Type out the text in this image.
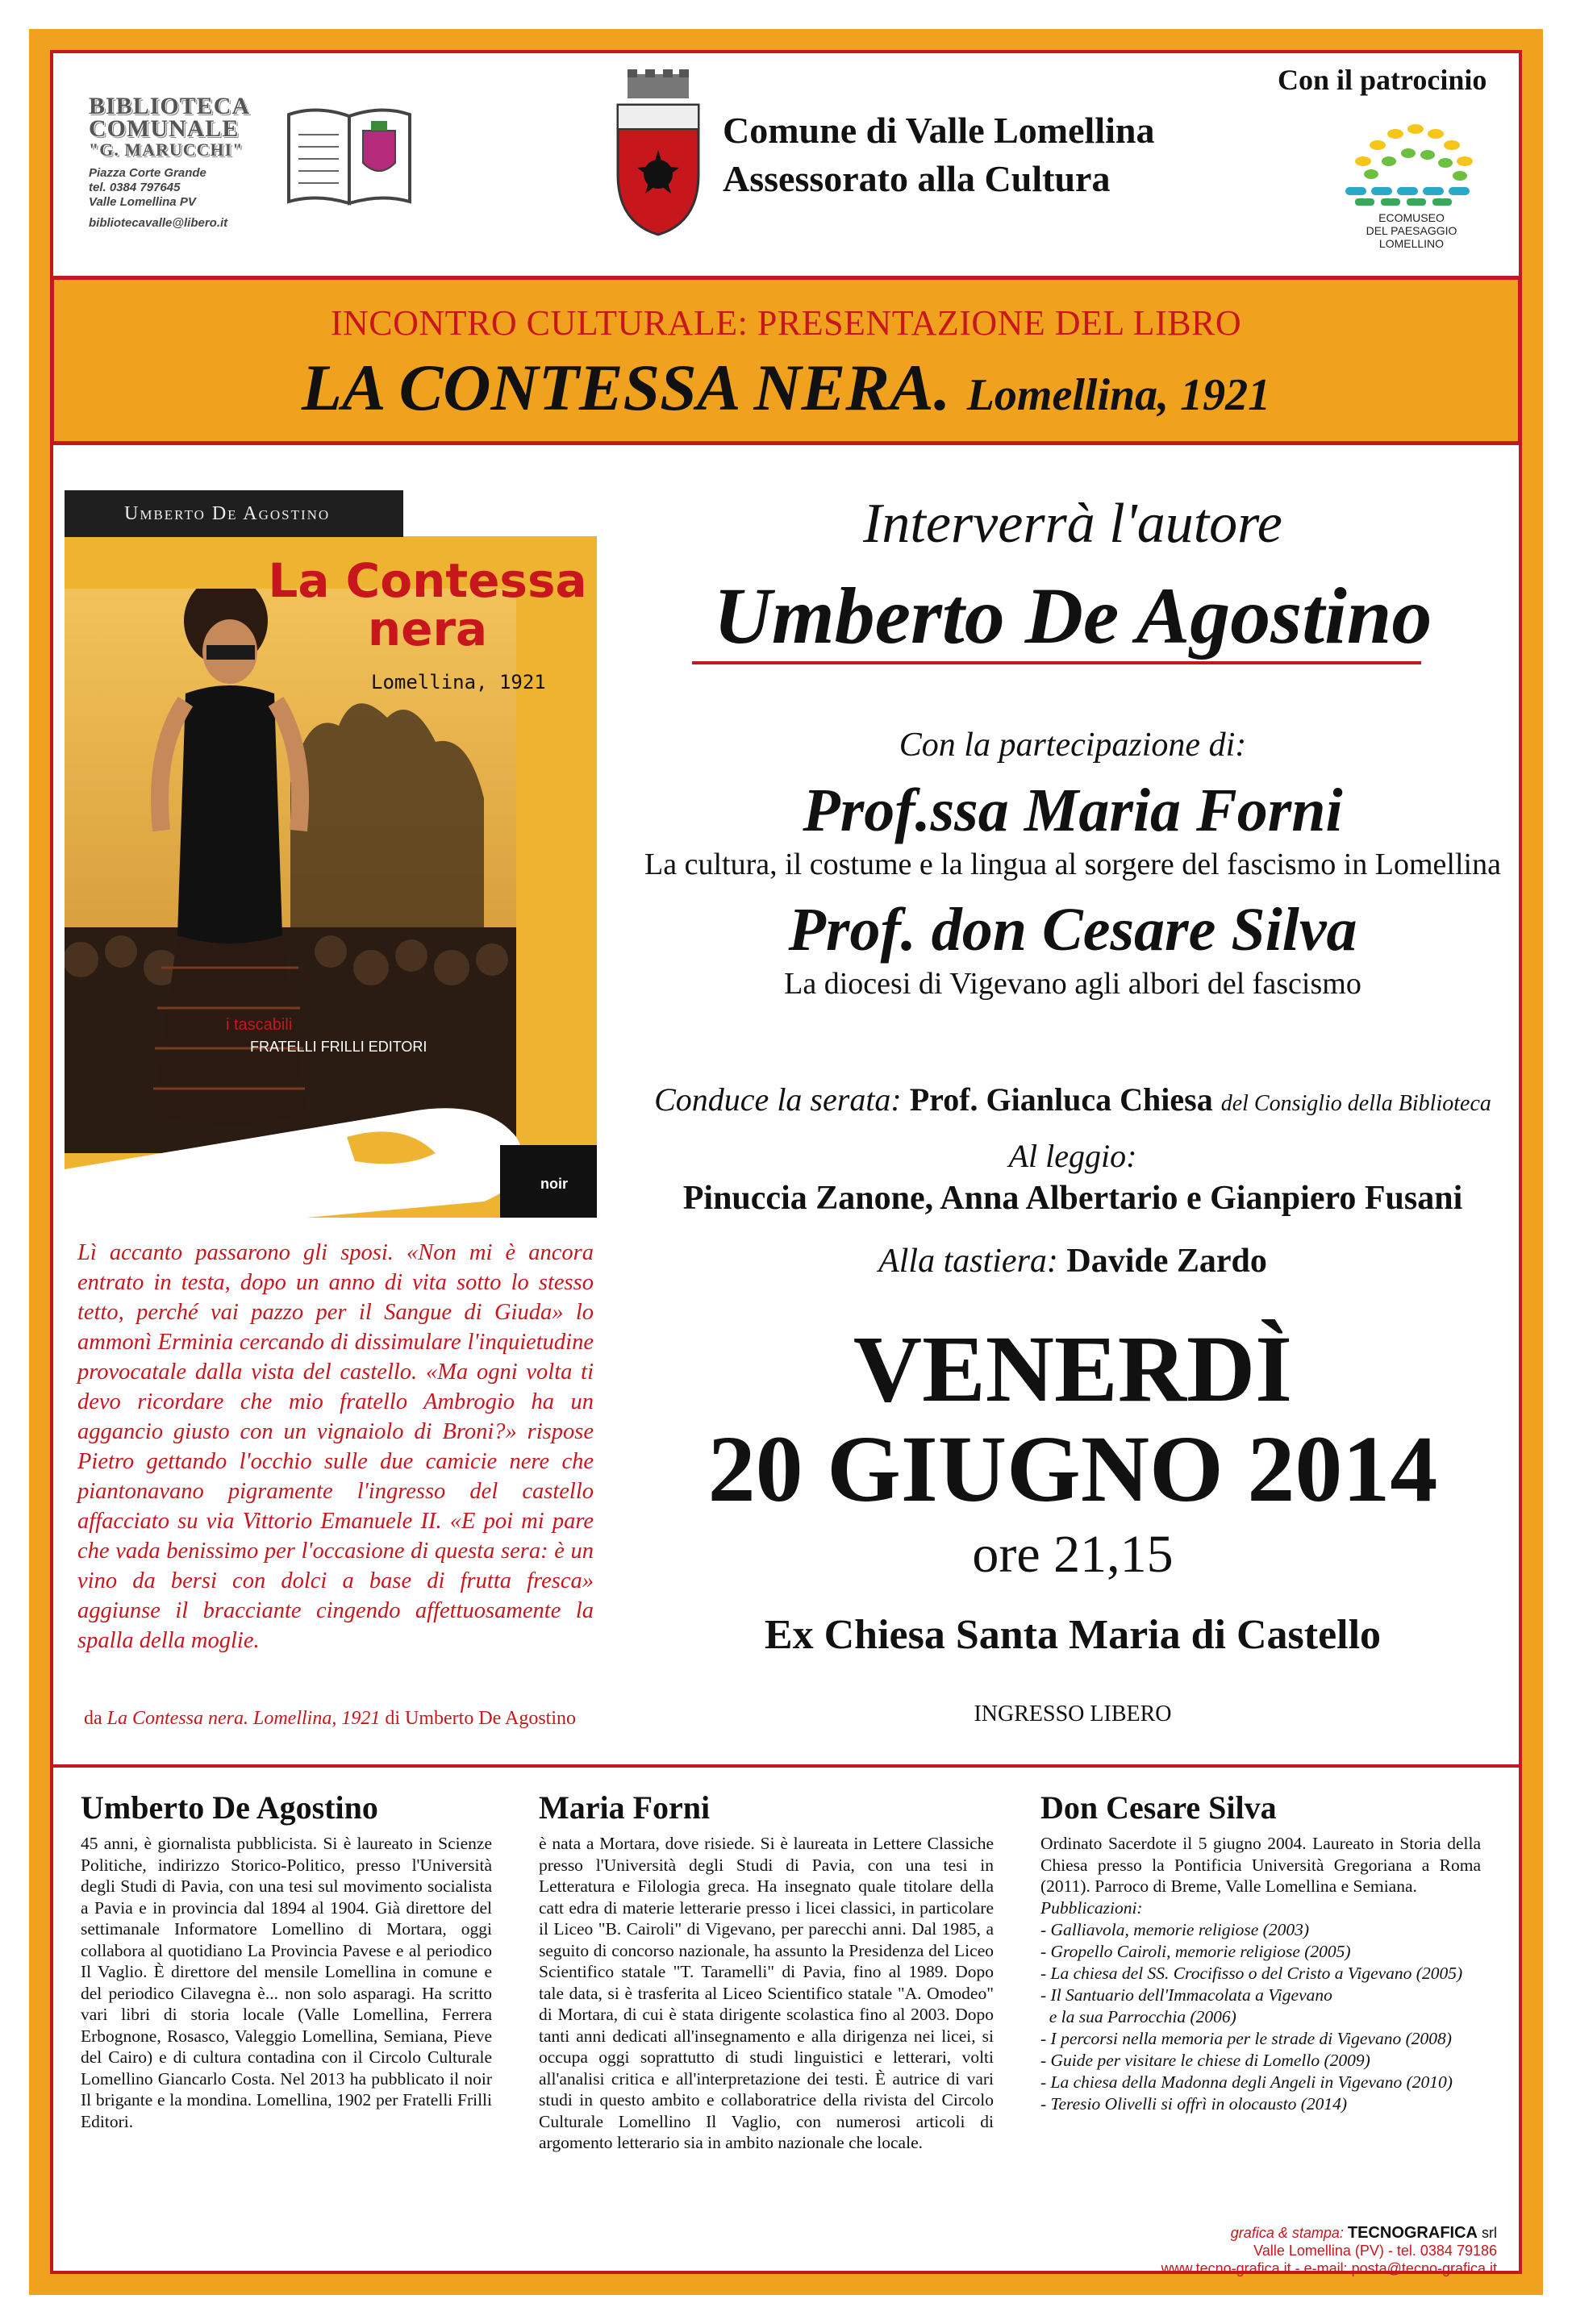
BIBLIOTECA
COMUNALE
"G. MARUCCHI"
Piazza Corte Grande
tel. 0384 797645
Valle Lomellina PV
bibliotecavalle@libero.it
Comune di Valle Lomellina
Assessorato alla Cultura
Con il patrocinio
ECOMUSEO
DEL PAESAGGIO
LOMELLINO
INCONTRO CULTURALE: PRESENTAZIONE DEL LIBRO
LA CONTESSA NERA. Lomellina, 1921
Umberto De Agostino
La Contessa
nera
Lomellina, 1921
i tascabili
FRATELLI FRILLI EDITORI
noir
Lì accanto passarono gli sposi. «Non mi è ancora entrato in testa, dopo un anno di vita sotto lo stesso tetto, perché vai pazzo per il Sangue di Giuda» lo ammonì Erminia cercando di dissimulare l'inquietudine provocatale dalla vista del castello. «Ma ogni volta ti devo ricordare che mio fratello Ambrogio ha un aggancio giusto con un vignaiolo di Broni?» rispose Pietro gettando l'occhio sulle due camicie nere che piantonavano pigramente l'ingresso del castello affacciato su via Vittorio Emanuele II. «E poi mi pare che vada benissimo per l'occasione di questa sera: è un vino da bersi con dolci a base di frutta fresca» aggiunse il bracciante cingendo affettuosamente la spalla della moglie.
da La Contessa nera. Lomellina, 1921 di Umberto De Agostino
Interverrà l'autore
Umberto De Agostino
Con la partecipazione di:
Prof.ssa Maria Forni
La cultura, il costume e la lingua al sorgere del fascismo in Lomellina
Prof. don Cesare Silva
La diocesi di Vigevano agli albori del fascismo
Conduce la serata: Prof. Gianluca Chiesa del Consiglio della Biblioteca
Al leggio:
Pinuccia Zanone, Anna Albertario e Gianpiero Fusani
Alla tastiera: Davide Zardo
VENERDÌ
20 GIUGNO 2014
ore 21,15
Ex Chiesa Santa Maria di Castello
INGRESSO LIBERO
Umberto De Agostino
45 anni, è giornalista pubblicista. Si è laureato in Scienze Politiche, indirizzo Storico-Politico, presso l'Università degli Studi di Pavia, con una tesi sul movimento socialista a Pavia e in provincia dal 1894 al 1904. Già direttore del settimanale Informatore Lomellino di Mortara, oggi collabora al quotidiano La Provincia Pavese e al periodico Il Vaglio. È direttore del mensile Lomellina in comune e del periodico Cilavegna è... non solo asparagi. Ha scritto vari libri di storia locale (Valle Lomellina, Ferrera Erbognone, Rosasco, Valeggio Lomellina, Semiana, Pieve del Cairo) e di cultura contadina con il Circolo Culturale Lomellino Giancarlo Costa. Nel 2013 ha pubblicato il noir Il brigante e la mondina. Lomellina, 1902 per Fratelli Frilli Editori.
Maria Forni
è nata a Mortara, dove risiede. Si è laureata in Lettere Classiche presso l'Università degli Studi di Pavia, con una tesi in Letteratura e Filologia greca. Ha insegnato quale titolare della catt edra di materie letterarie presso i licei classici, in particolare il Liceo "B. Cairoli" di Vigevano, per parecchi anni. Dal 1985, a seguito di concorso nazionale, ha assunto la Presidenza del Liceo Scientifico statale "T. Taramelli" di Pavia, fino al 1989. Dopo tale data, si è trasferita al Liceo Scientifico statale "A. Omodeo" di Mortara, di cui è stata dirigente scolastica fino al 2003. Dopo tanti anni dedicati all'insegnamento e alla dirigenza nei licei, si occupa oggi soprattutto di studi linguistici e letterari, volti all'analisi critica e all'interpretazione dei testi. È autrice di vari studi in questo ambito e collaboratrice della rivista del Circolo Culturale Lomellino Il Vaglio, con numerosi articoli di argomento letterario sia in ambito nazionale che locale.
Don Cesare Silva
Ordinato Sacerdote il 5 giugno 2004. Laureato in Storia della Chiesa presso la Pontificia Università Gregoriana a Roma (2011). Parroco di Breme, Valle Lomellina e Semiana.
Pubblicazioni:
- Galliavola, memorie religiose (2003)
- Gropello Cairoli, memorie religiose (2005)
- La chiesa del SS. Crocifisso o del Cristo a Vigevano (2005)
- Il Santuario dell'Immacolata a Vigevano
e la sua Parrocchia (2006)
- I percorsi nella memoria per le strade di Vigevano (2008)
- Guide per visitare le chiese di Lomello (2009)
- La chiesa della Madonna degli Angeli in Vigevano (2010)
- Teresio Olivelli si offrì in olocausto (2014)
grafica & stampa: TECNOGRAFICA srl
Valle Lomellina (PV) - tel. 0384 79186
www.tecno-grafica.it - e-mail: posta@tecno-grafica.it
